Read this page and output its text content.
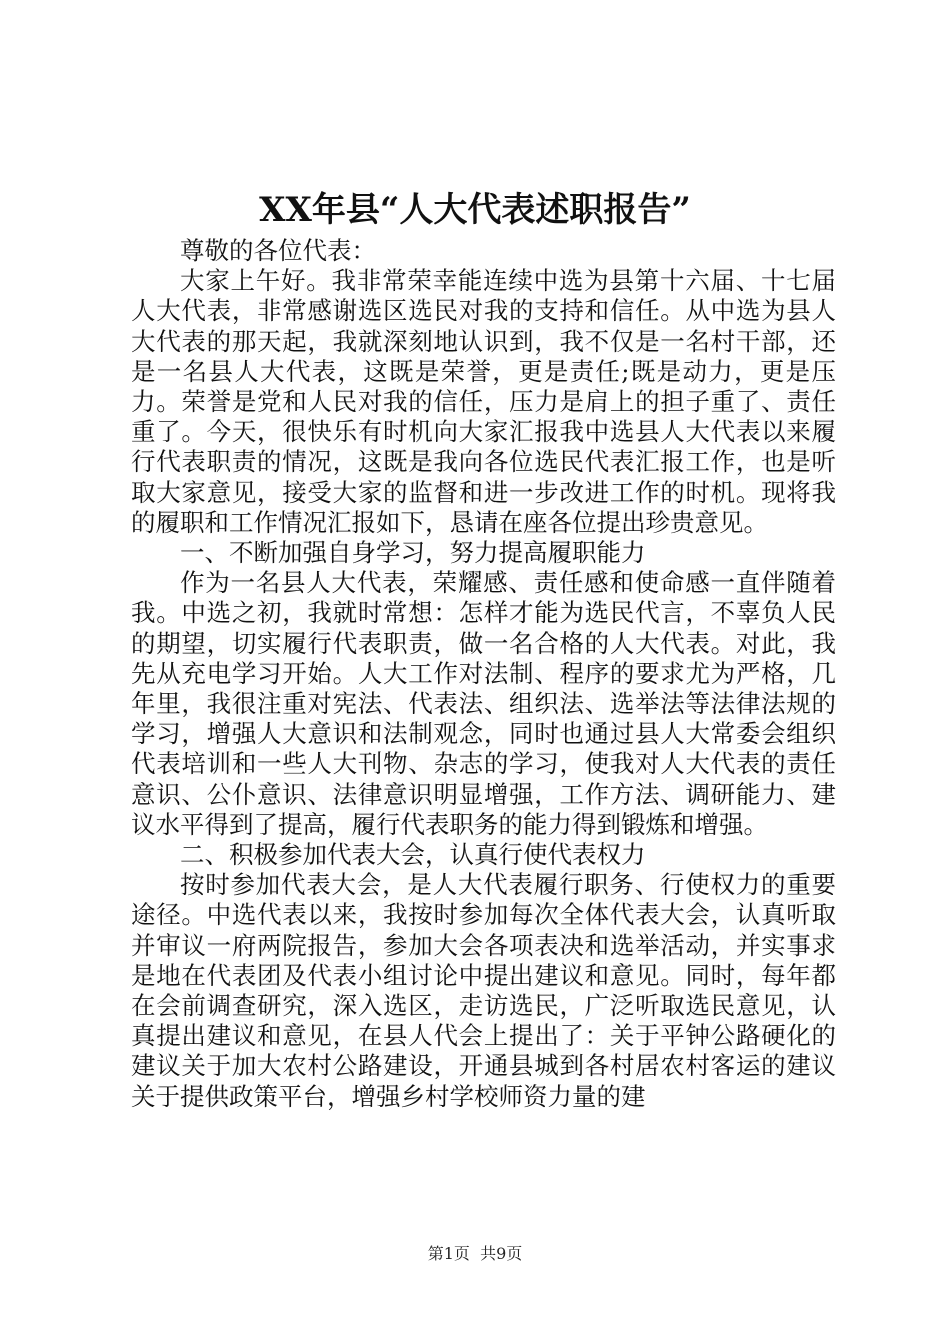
XX年县“人大代表述职报告”

尊敬的各位代表：

大家上午好。我非常荣幸能连续中选为县第十六届、十七届人大代表，非常感谢选区选民对我的支持和信任。从中选为县人大代表的那天起，我就深刻地认识到，我不仅是一名村干部，还是一名县人大代表，这既是荣誉，更是责任;既是动力，更是压力。荣誉是党和人民对我的信任，压力是肩上的担子重了、责任重了。今天，很快乐有时机向大家汇报我中选县人大代表以来履行代表职责的情况，这既是我向各位选民代表汇报工作，也是听取大家意见，接受大家的监督和进一步改进工作的时机。现将我的履职和工作情况汇报如下，恳请在座各位提出珍贵意见。

一、不断加强自身学习，努力提高履职能力

作为一名县人大代表，荣耀感、责任感和使命感一直伴随着我。中选之初，我就时常想：怎样才能为选民代言，不辜负人民的期望，切实履行代表职责，做一名合格的人大代表。对此，我先从充电学习开始。人大工作对法制、程序的要求尤为严格，几年里，我很注重对宪法、代表法、组织法、选举法等法律法规的学习，增强人大意识和法制观念，同时也通过县人大常委会组织代表培训和一些人大刊物、杂志的学习，使我对人大代表的责任意识、公仆意识、法律意识明显增强，工作方法、调研能力、建议水平得到了提高，履行代表职务的能力得到锻炼和增强。

二、积极参加代表大会，认真行使代表权力

按时参加代表大会，是人大代表履行职务、行使权力的重要途径。中选代表以来，我按时参加每次全体代表大会，认真听取并审议一府两院报告，参加大会各项表决和选举活动，并实事求是地在代表团及代表小组讨论中提出建议和意见。同时，每年都在会前调查研究，深入选区，走访选民，广泛听取选民意见，认真提出建议和意见，在县人代会上提出了：关于平钟公路硬化的建议关于加大农村公路建设，开通县城到各村居农村客运的建议关于提供政策平台，增强乡村学校师资力量的建

第1页  共9页
